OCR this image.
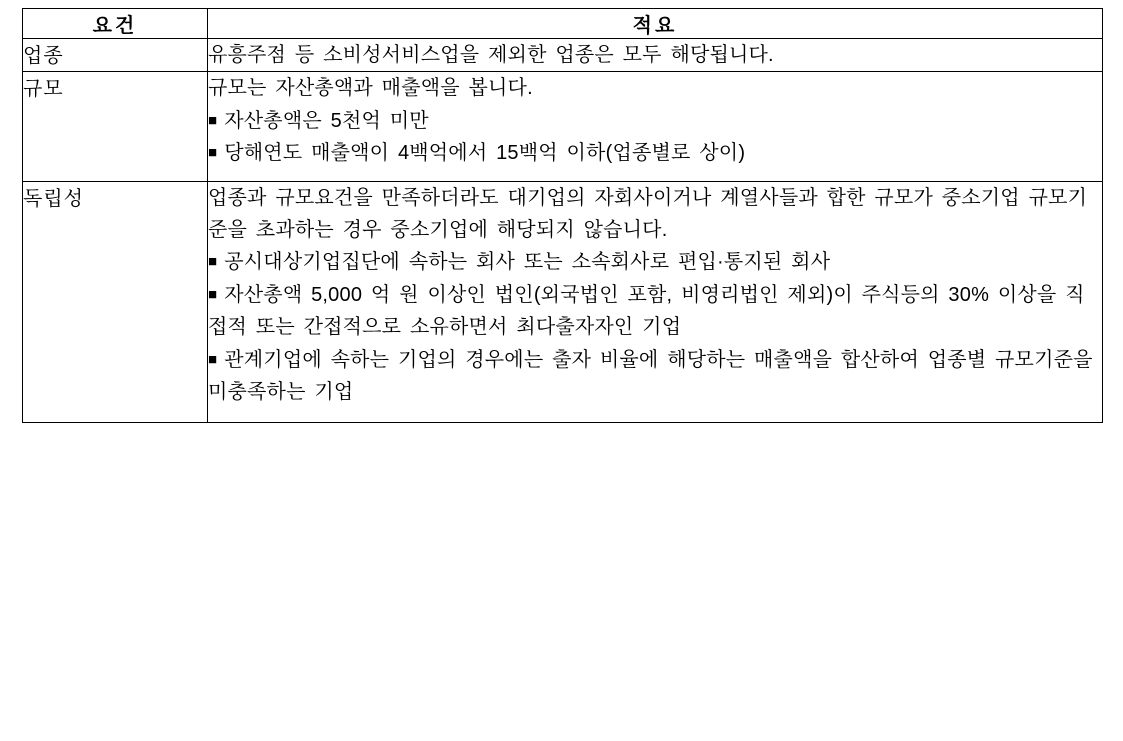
요건	적요
업종	유흥주점 등 소비성서비스업을 제외한 업종은 모두 해당됩니다.

규모	규모는 자산총액과 매출액을 봅니다.
■ 자산총액은 5천억 미만
■ 당해연도 매출액이 4백억에서 15백억 이하(업종별로 상이)

독립성	업종과 규모요건을 만족하더라도 대기업의 자회사이거나 계열사들과 합한 규모가 중소기업 규모기준을 초과하는 경우 중소기업에 해당되지 않습니다.
■ 공시대상기업집단에 속하는 회사 또는 소속회사로 편입·통지된 회사
■ 자산총액 5,000 억 원 이상인 법인(외국법인 포함, 비영리법인 제외)이 주식등의 30% 이상을 직접적 또는 간접적으로 소유하면서 최다출자자인 기업
■ 관계기업에 속하는 기업의 경우에는 출자 비율에 해당하는 매출액을 합산하여 업종별 규모기준을 미충족하는 기업
